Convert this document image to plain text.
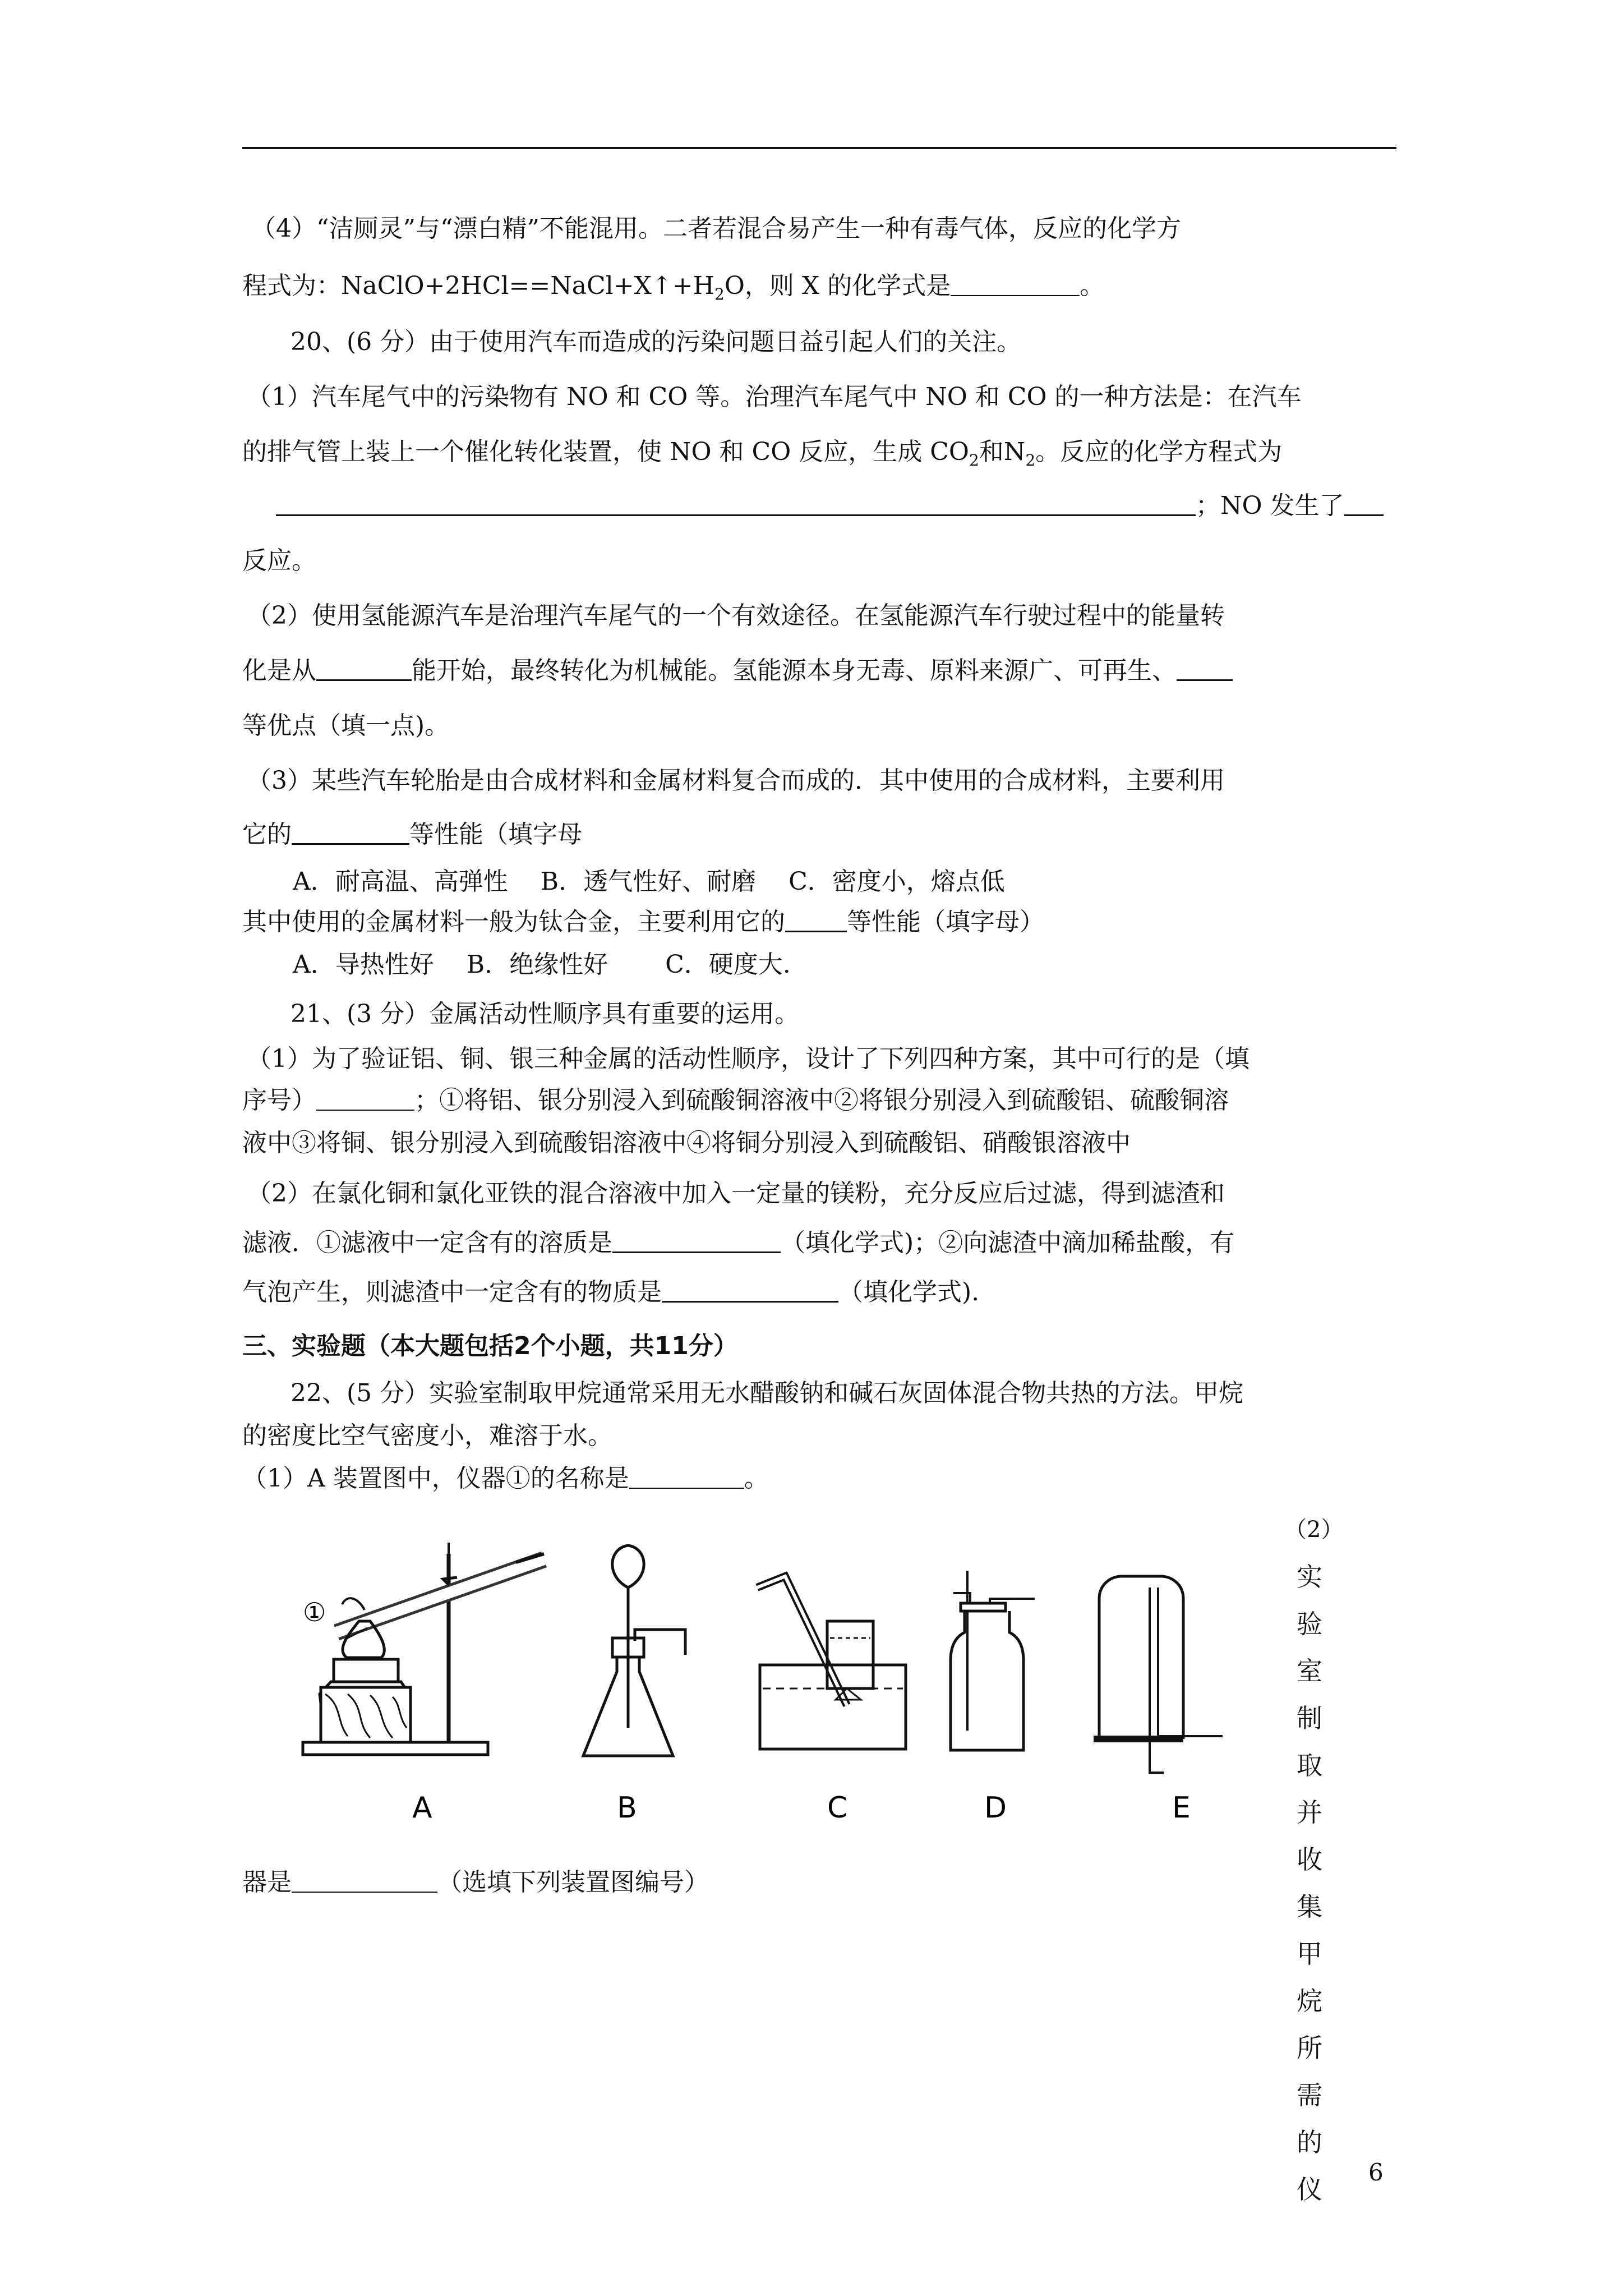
（4）“洁厕灵”与“漂白精”不能混用。二者若混合易产生一种有毒气体，反应的化学方
程式为：$NaClO+2HCl==NaCl+X↑+H_2O$，则 X 的化学式是	。
20、(6 分）由于使用汽车而造成的污染问题日益引起人们的关注。
（1）汽车尾气中的污染物有 NO 和 CO 等。治理汽车尾气中 NO 和 CO 的一种方法是：在汽车
的排气管上装上一个催化转化装置，使 NO 和 CO 反应，生成 $CO_2$和$N_2$。反应的化学方程式为
；NO 发生了
反应。
（2）使用氢能源汽车是治理汽车尾气的一个有效途径。在氢能源汽车行驶过程中的能量转
化是从	能开始，最终转化为机械能。氢能源本身无毒、原料来源广、可再生、
等优点（填一点)。
（3）某些汽车轮胎是由合成材料和金属材料复合而成的．其中使用的合成材料，主要利用
它的	等性能（填字母
A．耐高温、高弹性　 B．透气性好、耐磨　 C．密度小，熔点低
其中使用的金属材料一般为钛合金，主要利用它的	等性能（填字母）
A．导热性好　 B．绝缘性好　　 C．硬度大.
21、(3 分）金属活动性顺序具有重要的运用。
（1）为了验证铝、铜、银三种金属的活动性顺序，设计了下列四种方案，其中可行的是（填
序号）	；①将铝、银分别浸入到硫酸铜溶液中②将银分别浸入到硫酸铝、硫酸铜溶
液中③将铜、银分别浸入到硫酸铝溶液中④将铜分别浸入到硫酸铝、硝酸银溶液中
（2）在氯化铜和氯化亚铁的混合溶液中加入一定量的镁粉，充分反应后过滤，得到滤渣和
滤液．①滤液中一定含有的溶质是	（填化学式)；②向滤渣中滴加稀盐酸，有
气泡产生，则滤渣中一定含有的物质是	（填化学式).
三、实验题（本大题包括2个小题，共11分）
22、(5 分）实验室制取甲烷通常采用无水醋酸钠和碱石灰固体混合物共热的方法。甲烷
的密度比空气密度小，难溶于水。
（1）A 装置图中，仪器①的名称是	。
（2）
实验
室制
取并
收集
甲烷
所需
的仪
①
A	B	C	D	E
器是	（选填下列装置图编号）
6
